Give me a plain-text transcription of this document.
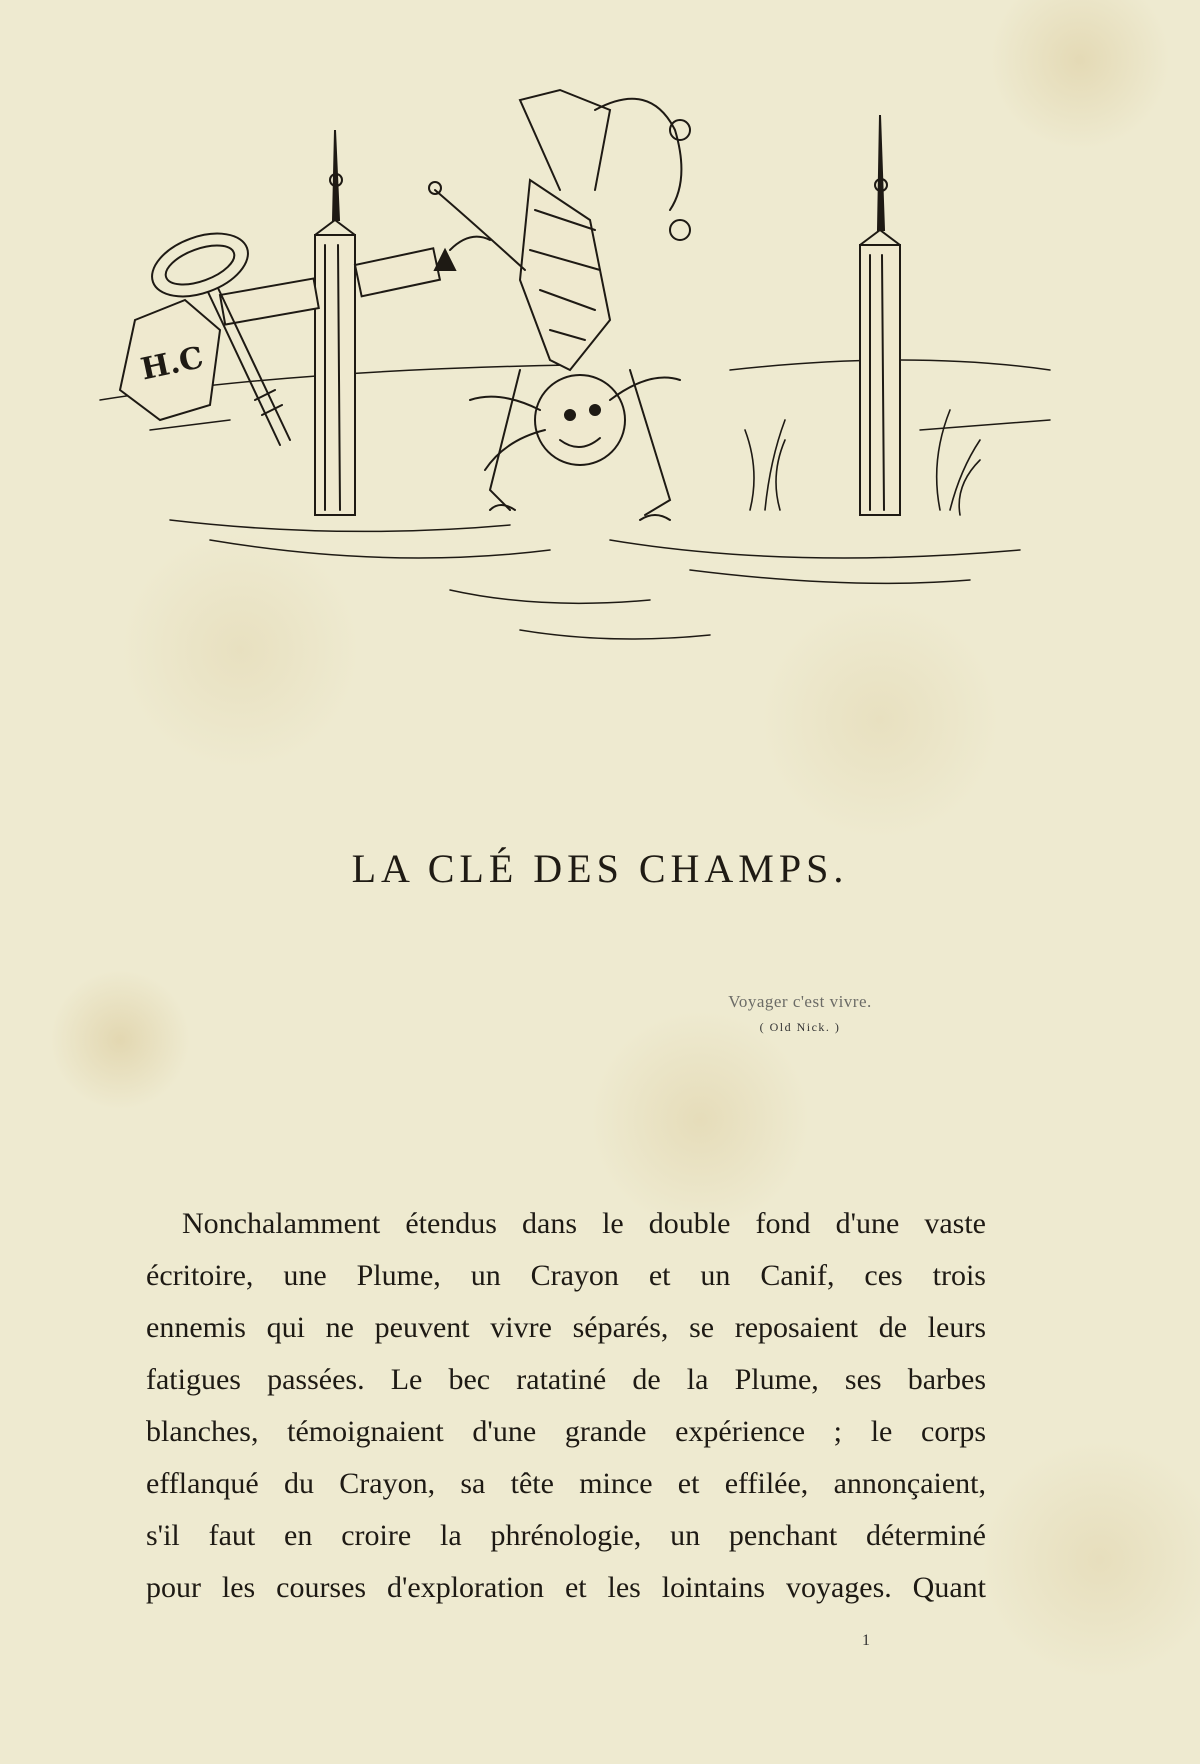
H.C
LA CLÉ DES CHAMPS.
Voyager c'est vivre.
( Old Nick. )
Nonchalamment étendus dans le double fond d'une vaste
écritoire, une Plume, un Crayon et un Canif, ces trois
ennemis qui ne peuvent vivre séparés, se reposaient de leurs
fatigues passées. Le bec ratatiné de la Plume, ses barbes
blanches, témoignaient d'une grande expérience ; le corps
efflanqué du Crayon, sa tête mince et effilée, annonçaient,
s'il faut en croire la phrénologie, un penchant déterminé
pour les courses d'exploration et les lointains voyages. Quant
1
